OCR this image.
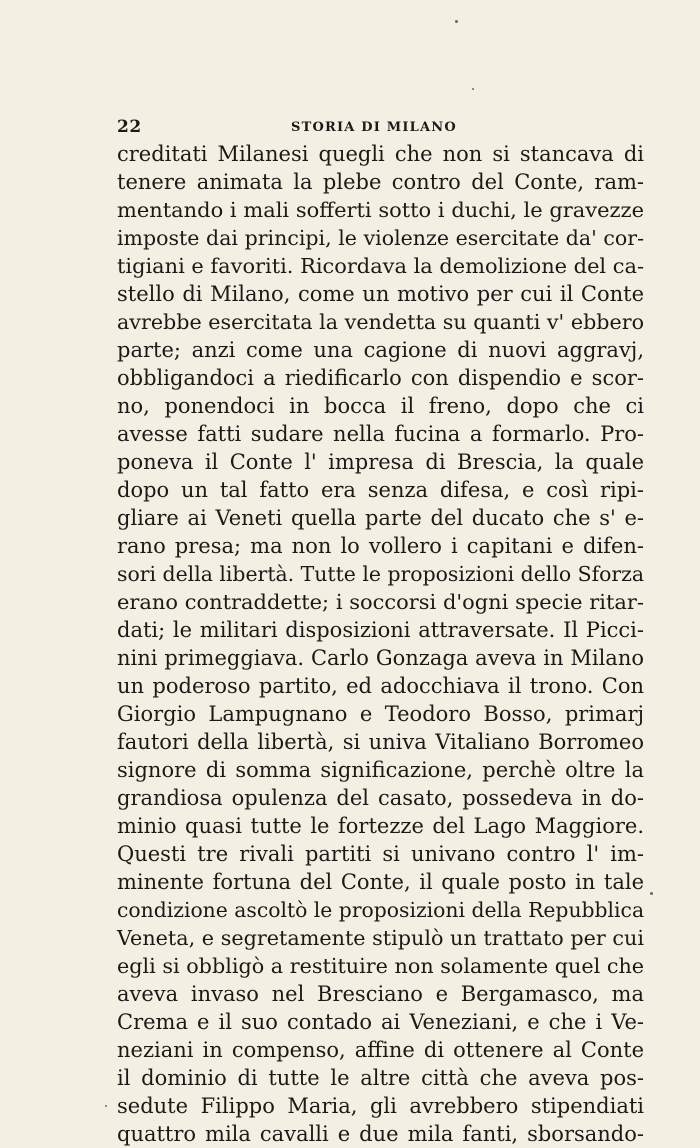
22	STORIA DI MILANO
creditati Milanesi quegli che non si stancava di
tenere animata la plebe contro del Conte, ram-
mentando i mali sofferti sotto i duchi, le gravezze
imposte dai principi, le violenze esercitate da' cor-
tigiani e favoriti. Ricordava la demolizione del ca-
stello di Milano, come un motivo per cui il Conte
avrebbe esercitata la vendetta su quanti v' ebbero
parte; anzi come una cagione di nuovi aggravj,
obbligandoci a riedificarlo con dispendio e scor-
no, ponendoci in bocca il freno, dopo che ci
avesse fatti sudare nella fucina a formarlo. Pro-
poneva il Conte l' impresa di Brescia, la quale
dopo un tal fatto era senza difesa, e così ripi-
gliare ai Veneti quella parte del ducato che s' e-
rano presa; ma non lo vollero i capitani e difen-
sori della libertà. Tutte le proposizioni dello Sforza
erano contraddette; i soccorsi d'ogni specie ritar-
dati; le militari disposizioni attraversate. Il Picci-
nini primeggiava. Carlo Gonzaga aveva in Milano
un poderoso partito, ed adocchiava il trono. Con
Giorgio Lampugnano e Teodoro Bosso, primarj
fautori della libertà, si univa Vitaliano Borromeo
signore di somma significazione, perchè oltre la
grandiosa opulenza del casato, possedeva in do-
minio quasi tutte le fortezze del Lago Maggiore.
Questi tre rivali partiti si univano contro l' im-
minente fortuna del Conte, il quale posto in tale
condizione ascoltò le proposizioni della Repubblica
Veneta, e segretamente stipulò un trattato per cui
egli si obbligò a restituire non solamente quel che
aveva invaso nel Bresciano e Bergamasco, ma
Crema e il suo contado ai Veneziani, e che i Ve-
neziani in compenso, affine di ottenere al Conte
il dominio di tutte le altre città che aveva pos-
sedute Filippo Maria, gli avrebbero stipendiati
quattro mila cavalli e due mila fanti, sborsando-
